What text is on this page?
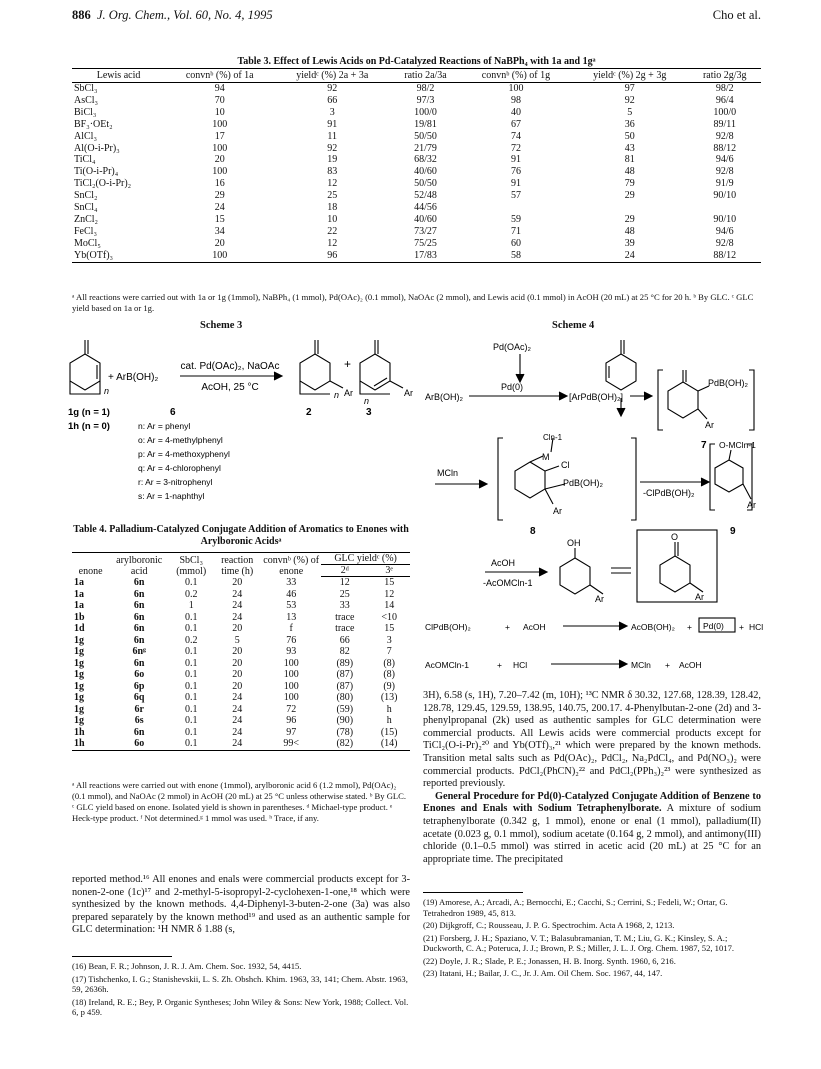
886 J. Org. Chem., Vol. 60, No. 4, 1995	Cho et al.
Table 3. Effect of Lewis Acids on Pd-Catalyzed Reactions of NaBPh₄ with 1a and 1gᵃ
Lewis acid	convnᵇ (%) of 1a	yieldᶜ (%) 2a + 3a	ratio 2a/3a	convnᵇ (%) of 1g	yieldᶜ (%) 2g + 3g	ratio 2g/3g
SbCl₃	94	92	98/2	100	97	98/2
AsCl₃	70	66	97/3	98	92	96/4
BiCl₃	10	3	100/0	40	5	100/0
BF₃·OEt₂	100	91	19/81	67	36	89/11
AlCl₃	17	11	50/50	74	50	92/8
Al(O-i-Pr)₃	100	92	21/79	72	43	88/12
TiCl₄	20	19	68/32	91	81	94/6
Ti(O-i-Pr)₄	100	83	40/60	76	48	92/8
TiCl₂(O-i-Pr)₂	16	12	50/50	91	79	91/9
SnCl₂	29	25	52/48	57	29	90/10
SnCl₄	24	18	44/56			
ZnCl₂	15	10	40/60	59	29	90/10
FeCl₃	34	22	73/27	71	48	94/6
MoCl₅	20	12	75/25	60	39	92/8
Yb(OTf)₃	100	96	17/83	58	24	88/12
ᵃ All reactions were carried out with 1a or 1g (1mmol), NaBPh₄ (1 mmol), Pd(OAc)₂ (0.1 mmol), NaOAc (2 mmol), and Lewis acid (0.1 mmol) in AcOH (20 mL) at 25 °C for 20 h. ᵇ By GLC. ᶜ GLC yield based on 1a or 1g.
Scheme 3
n	n
n
+ ArB(OH)₂
cat. Pd(OAc)₂, NaOAc
AcOH, 25 °C	Ar
+
Ar
1g (n = 1)
1h (n = 0)
6	2	3
n: Ar = phenyl
o: Ar = 4-methylphenyl
p: Ar = 4-methoxyphenyl
q: Ar = 4-chlorophenyl
r: Ar = 3-nitrophenyl
s: Ar = 1-naphthyl
Scheme 4
Pd(OAc)₂
Pd(0)
ArB(OH)₂	[ArPdB(OH)₂]
PdB(OH)₂
Ar
7
MCln
Cln-1
M
Cl
PdB(OH)₂
Ar
8
-ClPdB(OH)₂
O-MCln-1
Ar
9
OH
AcOH
-AcOMCln-1
Ar
O
Ar
ClPdB(OH)₂	+ AcOH	AcOB(OH)₂ + Pd(0) + HCl
AcOMCln-1	+ HCl	MCln + AcOH
Table 4. Palladium-Catalyzed Conjugate Addition of Aromatics to Enones with Arylboronic Acidsᵃ
enone	arylboronic acid	SbCl₃ (mmol)	reaction time (h)	convnᵇ (%) of enone	GLC yieldᶜ (%)	
					2ᵈ	3ᵉ
1a	6n	0.1	20	33	12	15
1a	6n	0.2	24	46	25	12
1a	6n	1	24	53	33	14
1b	6n	0.1	24	13	trace	<10
1d	6n	0.1	20	f	trace	15
1g	6n	0.2	5	76	66	3
1g	6nᵍ	0.1	20	93	82	7
1g	6n	0.1	20	100	(89)	(8)
1g	6o	0.1	20	100	(87)	(8)
1g	6p	0.1	20	100	(87)	(9)
1g	6q	0.1	24	100	(80)	(13)
1g	6r	0.1	24	72	(59)	h
1g	6s	0.1	24	96	(90)	h
1h	6n	0.1	24	97	(78)	(15)
1h	6o	0.1	24	99<	(82)	(14)
ᵃ All reactions were carried out with enone (1mmol), arylboronic acid 6 (1.2 mmol), Pd(OAc)₂ (0.1 mmol), and NaOAc (2 mmol) in AcOH (20 mL) at 25 °C unless otherwise stated. ᵇ By GLC. ᶜ GLC yield based on enone. Isolated yield is shown in parentheses. ᵈ Michael-type product. ᵉ Heck-type product. ᶠ Not determined.ᵍ 1 mmol was used. ʰ Trace, if any.
reported method.¹⁶ All enones and enals were commercial products except for 3-nonen-2-one (1c)¹⁷ and 2-methyl-5-isopropyl-2-cyclohexen-1-one,¹⁸ which were synthesized by the known methods. 4,4-Diphenyl-3-buten-2-one (3a) was also prepared separately by the known method¹⁹ and used as an authentic sample for GLC determination: ¹H NMR δ 1.88 (s,

(16) Bean, F. R.; Johnson, J. R. J. Am. Chem. Soc. 1932, 54, 4415.

(17) Tishchenko, I. G.; Stanishevskii, L. S. Zh. Obshch. Khim. 1963, 33, 141; Chem. Abstr. 1963, 59, 2636h.

(18) Ireland, R. E.; Bey, P. Organic Syntheses; John Wiley & Sons: New York, 1988; Collect. Vol. 6, p 459.

3H), 6.58 (s, 1H), 7.20–7.42 (m, 10H); ¹³C NMR δ 30.32, 127.68, 128.39, 128.42, 128.78, 129.45, 129.59, 138.95, 140.75, 200.17. 4-Phenylbutan-2-one (2d) and 3-phenylpropanal (2k) used as authentic samples for GLC determination were commercial products. All Lewis acids were commercial products except for TiCl₂(O-i-Pr)₂²⁰ and Yb(OTf)₃,²¹ which were prepared by the known methods. Transition metal salts such as Pd(OAc)₂, PdCl₂, Na₂PdCl₄, and Pd(NO₃)₂ were commercial products. PdCl₂(PhCN)₂²² and PdCl₂(PPh₃)₂²³ were synthesized as reported previously.
General Procedure for Pd(0)-Catalyzed Conjugate Addition of Benzene to Enones and Enals with Sodium Tetraphenylborate. A mixture of sodium tetraphenylborate (0.342 g, 1 mmol), enone or enal (1 mmol), palladium(II) acetate (0.023 g, 0.1 mmol), sodium acetate (0.164 g, 2 mmol), and antimony(III) chloride (0.1–0.5 mmol) was stirred in acetic acid (20 mL) at 25 °C for an appropriate time. The precipitated

(19) Amorese, A.; Arcadi, A.; Bernocchi, E.; Cacchi, S.; Cerrini, S.; Fedeli, W.; Ortar, G. Tetrahedron 1989, 45, 813.

(20) Dijkgroff, C.; Rousseau, J. P. G. Spectrochim. Acta A 1968, 2, 1213.

(21) Forsberg, J. H.; Spaziano, V. T.; Balasubramanian, T. M.; Liu, G. K.; Kinsley, S. A.; Duckworth, C. A.; Poteruca, J. J.; Brown, P. S.; Miller, J. L. J. Org. Chem. 1987, 52, 1017.

(22) Doyle, J. R.; Slade, P. E.; Jonassen, H. B. Inorg. Synth. 1960, 6, 216.

(23) Itatani, H.; Bailar, J. C., Jr. J. Am. Oil Chem. Soc. 1967, 44, 147.
